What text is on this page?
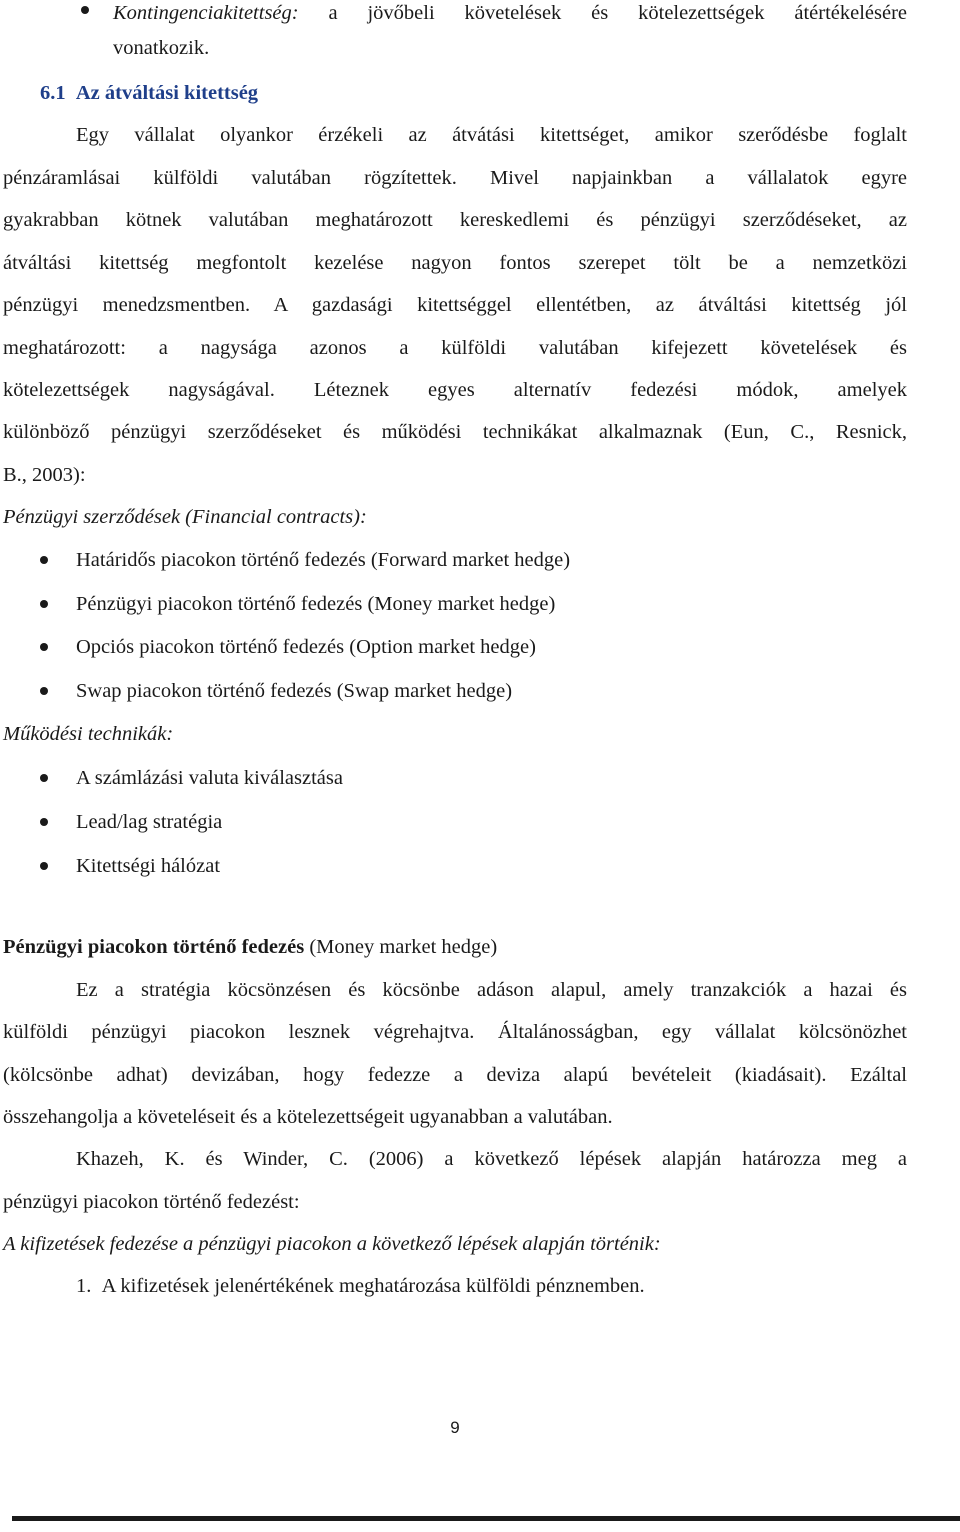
Kontingenciakitettség: a jövőbeli követelések és kötelezettségek átértékelésére
vonatkozik.
6.1 Az átváltási kitettség
Egy vállalat olyankor érzékeli az átvátási kitettséget, amikor szerődésbe foglalt
pénzáramlásai külföldi valutában rögzítettek. Mivel napjainkban a vállalatok egyre
gyakrabban kötnek valutában meghatározott kereskedlemi és pénzügyi szerződéseket, az
átváltási kitettség megfontolt kezelése nagyon fontos szerepet tölt be a nemzetközi
pénzügyi menedzsmentben. A gazdasági kitettséggel ellentétben, az átváltási kitettség jól
meghatározott: a nagysága azonos a külföldi valutában kifejezett követelések és
kötelezettségek nagyságával. Léteznek egyes alternatív fedezési módok, amelyek
különböző pénzügyi szerződéseket és működési technikákat alkalmaznak (Eun, C., Resnick,
B., 2003):
Pénzügyi szerződések (Financial contracts):
Határidős piacokon történő fedezés (Forward market hedge)
Pénzügyi piacokon történő fedezés (Money market hedge)
Opciós piacokon történő fedezés (Option market hedge)
Swap piacokon történő fedezés (Swap market hedge)
Működési technikák:
A számlázási valuta kiválasztása
Lead/lag stratégia
Kitettségi hálózat
Pénzügyi piacokon történő fedezés (Money market hedge)
Ez a stratégia köcsönzésen és köcsönbe adáson alapul, amely tranzakciók a hazai és
külföldi pénzügyi piacokon lesznek végrehajtva. Általánosságban, egy vállalat kölcsönözhet
(kölcsönbe adhat) devizában, hogy fedezze a deviza alapú bevételeit (kiadásait). Ezáltal
összehangolja a követeléseit és a kötelezettségeit ugyanabban a valutában.
Khazeh, K. és Winder, C. (2006) a következő lépések alapján határozza meg a
pénzügyi piacokon történő fedezést:
A kifizetések fedezése a pénzügyi piacokon a következő lépések alapján történik:
1. A kifizetések jelenértékének meghatározása külföldi pénznemben.
9
